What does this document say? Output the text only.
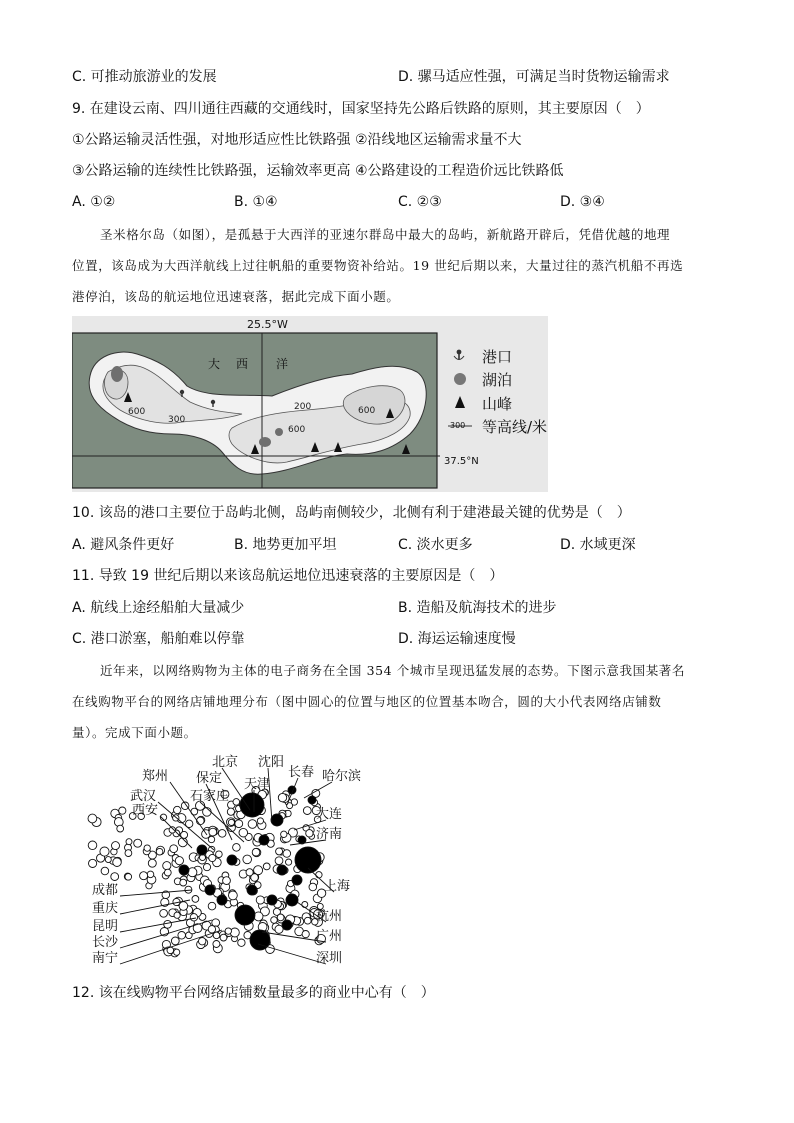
C. 可推动旅游业的发展	D. 骡马适应性强，可满足当时货物运输需求
9. 在建设云南、四川通往西藏的交通线时，国家坚持先公路后铁路的原则，其主要原因（　）
①公路运输灵活性强，对地形适应性比铁路强 ②沿线地区运输需求量不大
③公路运输的连续性比铁路强，运输效率更高 ④公路建设的工程造价远比铁路低
A. ①②	B. ①④	C. ②③	D. ③④
圣米格尔岛（如图），是孤悬于大西洋的亚速尔群岛中最大的岛屿，新航路开辟后，凭借优越的地理
位置，该岛成为大西洋航线上过往帆船的重要物资补给站。19 世纪后期以来，大量过往的蒸汽机船不再选
港停泊，该岛的航运地位迅速衰落，据此完成下面小题。
600
300
200	600
600
大 西 洋
25.5°W
37.5°N
港口
湖泊
山峰
300 等高线/米
10. 该岛的港口主要位于岛屿北侧，岛屿南侧较少，北侧有利于建港最关键的优势是（　）
A. 避风条件更好	B. 地势更加平坦	C. 淡水更多	D. 水域更深
11. 导致 19 世纪后期以来该岛航运地位迅速衰落的主要原因是（　）
A. 航线上途经船舶大量减少	B. 造船及航海技术的进步
C. 港口淤塞，船舶难以停靠	D. 海运运输速度慢
近年来，以网络购物为主体的电子商务在全国 354 个城市呈现迅猛发展的态势。下图示意我国某著名
在线购物平台的网络店铺地理分布（图中圆心的位置与地区的位置基本吻合，圆的大小代表网络店铺数
量）。完成下面小题。
北京 沈阳
郑州 保定 天津
长春 哈尔滨
武汉	石家庄
西安	大连
济南
上海
成都
重庆
杭州
昆明
广州
长沙
深圳
南宁
12. 该在线购物平台网络店铺数量最多的商业中心有（　）
